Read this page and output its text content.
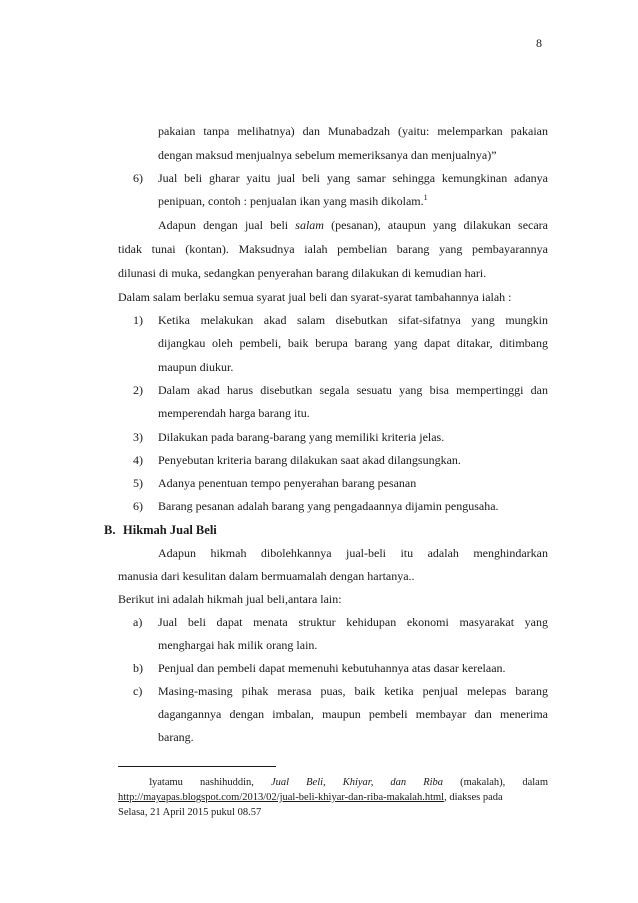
8
pakaian tanpa melihatnya) dan Munabadzah (yaitu: melemparkan pakaian
dengan maksud menjualnya sebelum memeriksanya dan menjualnya)”
6) Jual beli gharar yaitu jual beli yang samar sehingga kemungkinan adanya
penipuan, contoh : penjualan ikan yang masih dikolam.$^1$
Adapun dengan jual beli salam (pesanan), ataupun yang dilakukan secara
tidak tunai (kontan). Maksudnya ialah pembelian barang yang pembayarannya
dilunasi di muka, sedangkan penyerahan barang dilakukan di kemudian hari.
Dalam salam berlaku semua syarat jual beli dan syarat-syarat tambahannya ialah :
1) Ketika melakukan akad salam disebutkan sifat-sifatnya yang mungkin
dijangkau oleh pembeli, baik berupa barang yang dapat ditakar, ditimbang
maupun diukur.
2) Dalam akad harus disebutkan segala sesuatu yang bisa mempertinggi dan
memperendah harga barang itu.
3) Dilakukan pada barang-barang yang memiliki kriteria jelas.
4) Penyebutan kriteria barang dilakukan saat akad dilangsungkan.
5) Adanya penentuan tempo penyerahan barang pesanan
6) Barang pesanan adalah barang yang pengadaannya dijamin pengusaha.
B. Hikmah Jual Beli
Adapun hikmah dibolehkannya jual-beli itu adalah menghindarkan
manusia dari kesulitan dalam bermuamalah dengan hartanya..
Berikut ini adalah hikmah jual beli,antara lain:
a) Jual beli dapat menata struktur kehidupan ekonomi masyarakat yang
menghargai hak milik orang lain.
b) Penjual dan pembeli dapat memenuhi kebutuhannya atas dasar kerelaan.
c) Masing-masing pihak merasa puas, baik ketika penjual melepas barang
dagangannya dengan imbalan, maupun pembeli membayar dan menerima
barang.
1yatamu nashihuddin, Jual Beli, Khiyar, dan Riba (makalah), dalam
http://mayapas.blogspot.com/2013/02/jual-beli-khiyar-dan-riba-makalah.html, diakses pada
Selasa, 21 April 2015 pukul 08.57
